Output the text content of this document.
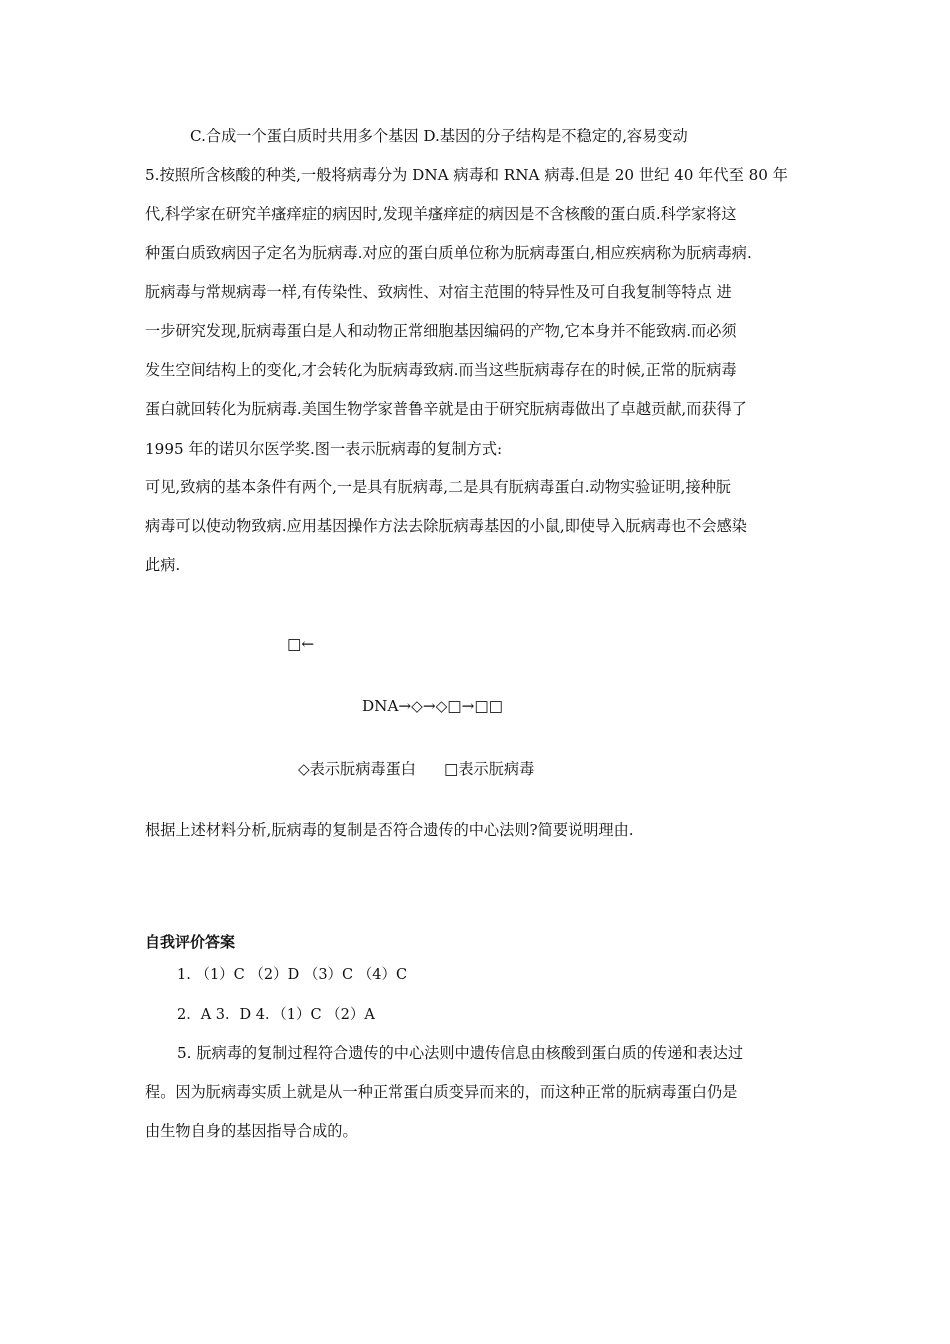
C.合成一个蛋白质时共用多个基因 D.基因的分子结构是不稳定的,容易变动
5.按照所含核酸的种类,一般将病毒分为 DNA 病毒和 RNA 病毒.但是 20 世纪 40 年代至 80 年
代,科学家在研究羊瘙痒症的病因时,发现羊瘙痒症的病因是不含核酸的蛋白质.科学家将这
种蛋白质致病因子定名为朊病毒.对应的蛋白质单位称为朊病毒蛋白,相应疾病称为朊病毒病.
朊病毒与常规病毒一样,有传染性、致病性、对宿主范围的特异性及可自我复制等特点 进
一步研究发现,朊病毒蛋白是人和动物正常细胞基因编码的产物,它本身并不能致病.而必须
发生空间结构上的变化,才会转化为朊病毒致病.而当这些朊病毒存在的时候,正常的朊病毒
蛋白就回转化为朊病毒.美国生物学家普鲁辛就是由于研究朊病毒做出了卓越贡献,而获得了
1995 年的诺贝尔医学奖.图一表示朊病毒的复制方式:
可见,致病的基本条件有两个,一是具有朊病毒,二是具有朊病毒蛋白.动物实验证明,接种朊
病毒可以使动物致病.应用基因操作方法去除朊病毒基因的小鼠,即使导入朊病毒也不会感染
此病.
□←
DNA→◇→◇□→□□
◇表示朊病毒蛋白 □表示朊病毒
根据上述材料分析,朊病毒的复制是否符合遗传的中心法则?简要说明理由.
自我评价答案
1. （1）C （2）D （3）C （4）C
2．A 3．D 4．（1）C （2）A
5. 朊病毒的复制过程符合遗传的中心法则中遗传信息由核酸到蛋白质的传递和表达过
程。因为朊病毒实质上就是从一种正常蛋白质变异而来的，而这种正常的朊病毒蛋白仍是
由生物自身的基因指导合成的。
